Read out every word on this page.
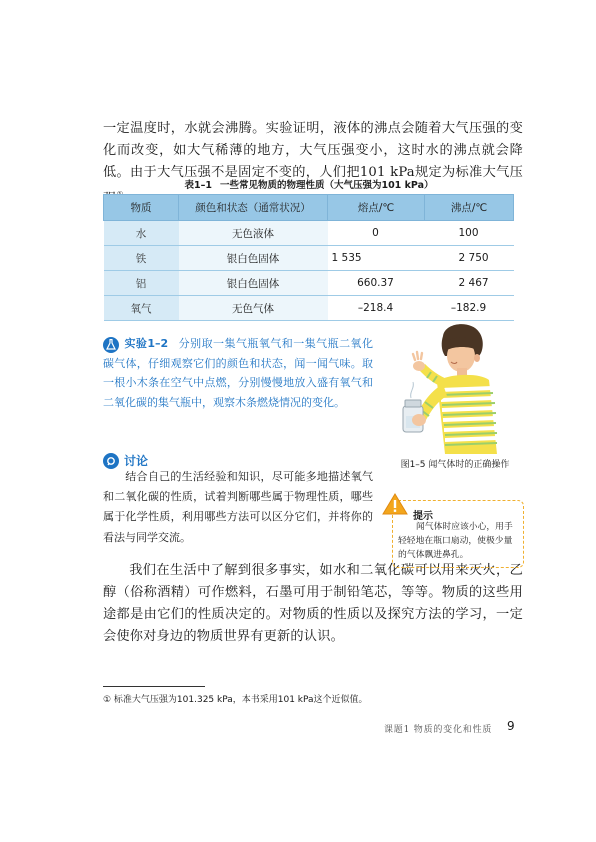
一定温度时，水就会沸腾。实验证明，液体的沸点会随着大气压强的变化而改变，如大气稀薄的地方，大气压强变小，这时水的沸点就会降低。由于大气压强不是固定不变的，人们把101 kPa规定为标准大气压

表1–1 一些常见物质的物理性质（大气压强为101 kPa）
物质	颜色和状态（通常状况）	熔点/℃	沸点/℃
水	无色液体	0	100
铁	银白色固体	1 535	2 750
铝	银白色固体	660.37	2 467
氧气	无色气体	–218.4	–182.9

实验1–2 分别取一集气瓶氧气和一集气瓶二氧化碳气体，仔细观察它们的颜色和状态，闻一闻气味。取一根小木条在空气中点燃，分别慢慢地放入盛有氧气和二氧化碳的集气瓶中，观察木条燃烧情况的变化。

讨论

结合自己的生活经验和知识，尽可能多地描述氧气和二氧化碳的性质，试着判断哪些属于物理性质，哪些属于化学性质，利用哪些方法可以区分它们，并将你的看法与同学交流。

我们在生活中了解到很多事实，如水和二氧化碳可以用来灭火，乙醇（俗称酒精）可作燃料，石墨可用于制铅笔芯，等等。物质的这些用途都是由它们的性质决定的。对物质的性质以及探究方法的学习，一定会使你对身边的物质世界有更新的认识。

图1–5 闻气体时的正确操作
提示

闻气体时应该小心，用手轻轻地在瓶口扇动，使极少量的气体飘进鼻孔。

① 标准大气压强为101.325 kPa，本书采用101 kPa这个近似值。
课题1 物质的变化和性质 9
